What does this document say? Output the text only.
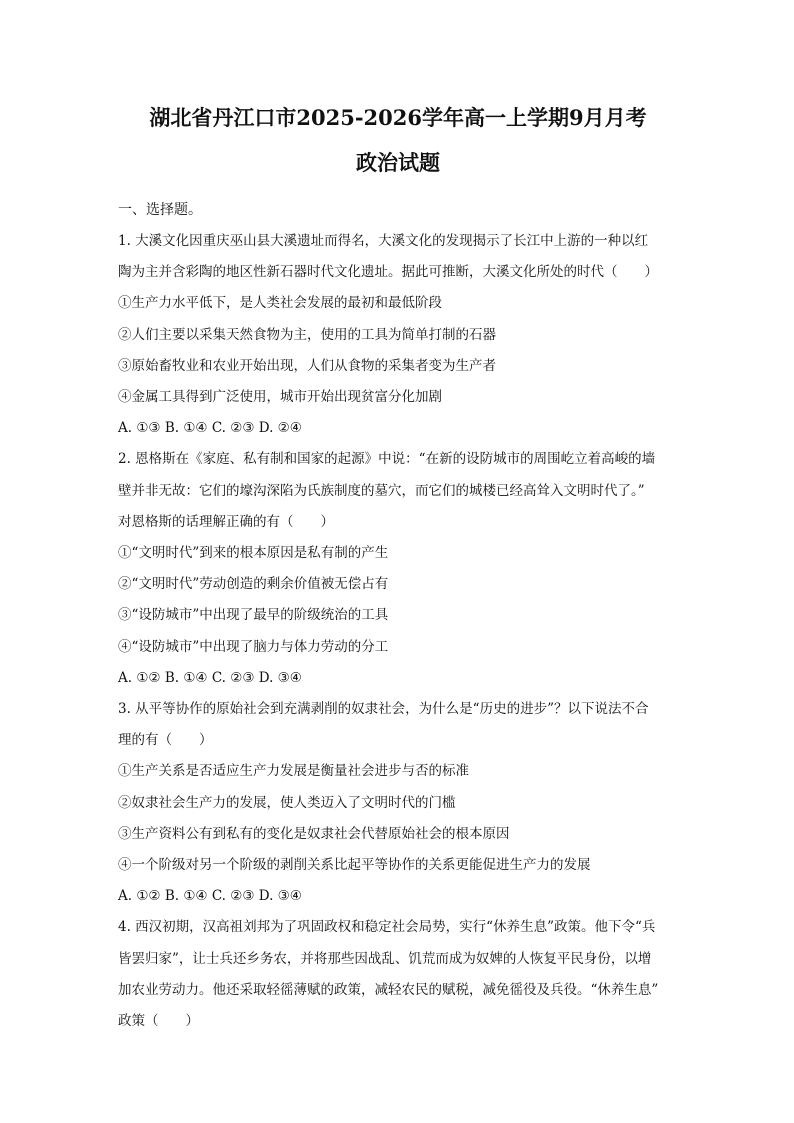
湖北省丹江口市2025-2026学年高一上学期9月月考
政治试题

一、选择题。

1. 大溪文化因重庆巫山县大溪遗址而得名，大溪文化的发现揭示了长江中上游的一种以红

陶为主并含彩陶的地区性新石器时代文化遗址。据此可推断，大溪文化所处的时代（　　）

①生产力水平低下，是人类社会发展的最初和最低阶段

②人们主要以采集天然食物为主，使用的工具为简单打制的石器

③原始畜牧业和农业开始出现，人们从食物的采集者变为生产者

④金属工具得到广泛使用，城市开始出现贫富分化加剧

A. ①③ B. ①④ C. ②③ D. ②④

2. 恩格斯在《家庭、私有制和国家的起源》中说：“在新的设防城市的周围屹立着高峻的墙

壁并非无故：它们的壕沟深陷为氏族制度的墓穴，而它们的城楼已经高耸入文明时代了。”

对恩格斯的话理解正确的有（　　）

①“文明时代”到来的根本原因是私有制的产生

②“文明时代”劳动创造的剩余价值被无偿占有

③“设防城市”中出现了最早的阶级统治的工具

④“设防城市”中出现了脑力与体力劳动的分工

A. ①② B. ①④ C. ②③ D. ③④

3. 从平等协作的原始社会到充满剥削的奴隶社会，为什么是“历史的进步”？以下说法不合

理的有（　　）

①生产关系是否适应生产力发展是衡量社会进步与否的标准

②奴隶社会生产力的发展，使人类迈入了文明时代的门槛

③生产资料公有到私有的变化是奴隶社会代替原始社会的根本原因

④一个阶级对另一个阶级的剥削关系比起平等协作的关系更能促进生产力的发展

A. ①② B. ①④ C. ②③ D. ③④

4. 西汉初期，汉高祖刘邦为了巩固政权和稳定社会局势，实行“休养生息”政策。他下令“兵

皆罢归家”，让士兵还乡务农，并将那些因战乱、饥荒而成为奴婢的人恢复平民身份，以增

加农业劳动力。他还采取轻徭薄赋的政策，减轻农民的赋税，减免徭役及兵役。“休养生息”

政策（　　）
